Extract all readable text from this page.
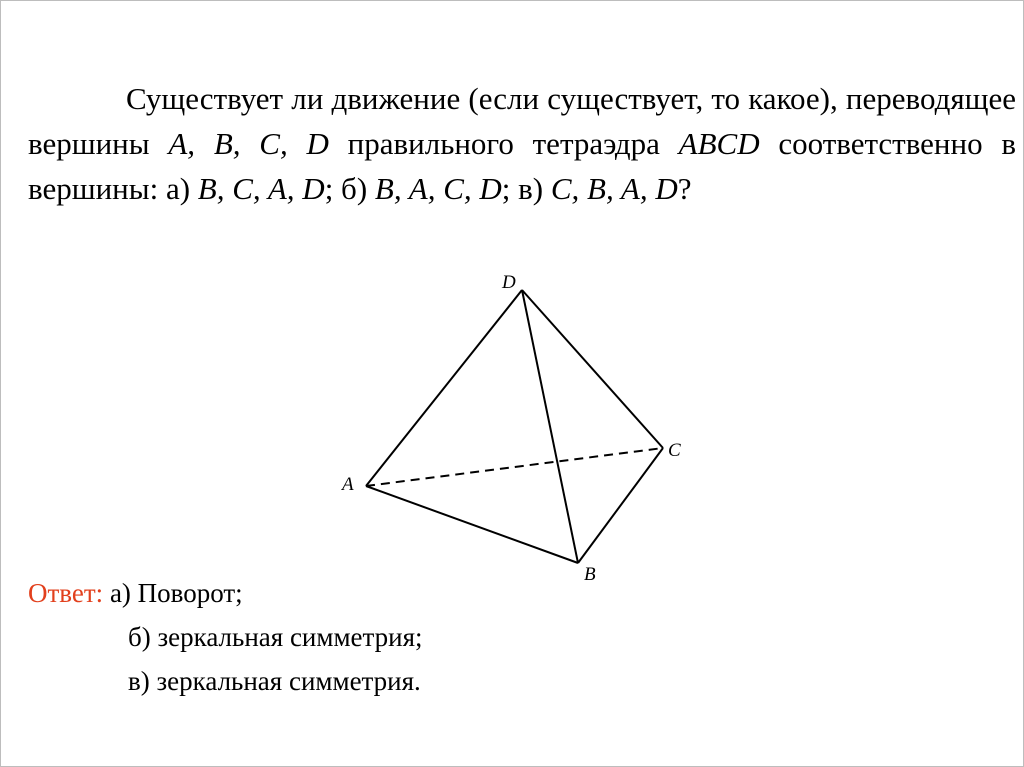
Существует ли движение (если существует, то какое), переводящее вершины A, B, C, D правильного тетраэдра ABCD соответственно в вершины: а) B, C, A, D; б) B, A, C, D; в) C, B, A, D?

D
A
C
B
Ответ: а) Поворот;
б) зеркальная симметрия;
в) зеркальная симметрия.
